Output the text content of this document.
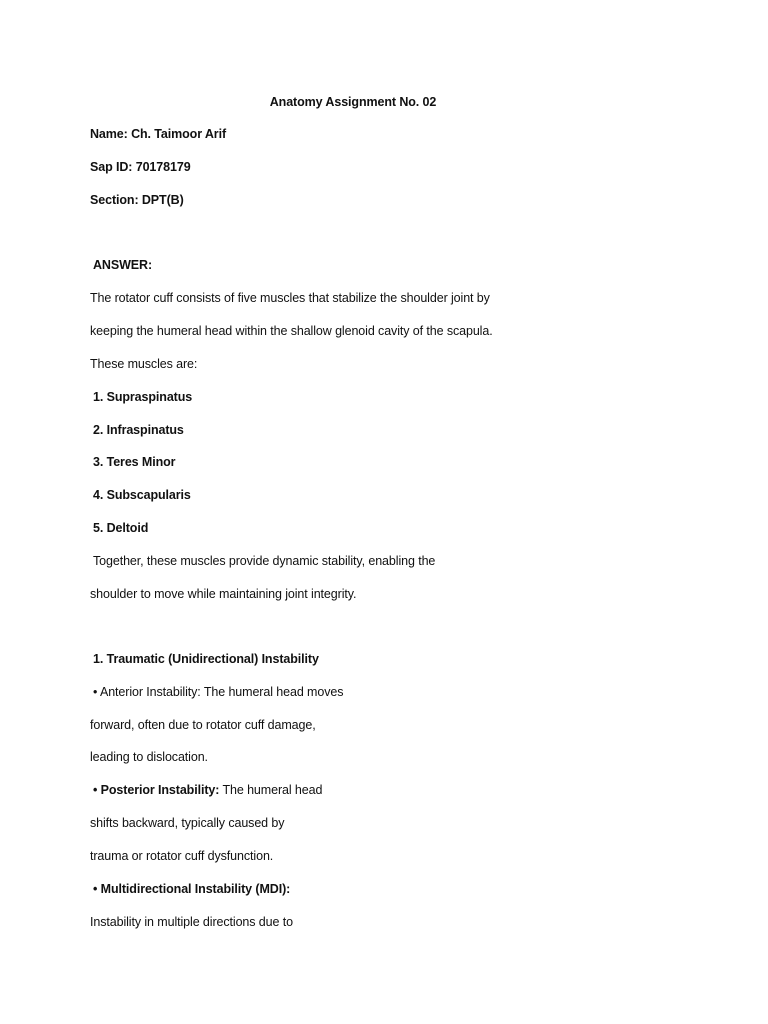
Anatomy Assignment No. 02
Name: Ch. Taimoor Arif
Sap ID: 70178179
Section: DPT(B)
ANSWER:
The rotator cuff consists of five muscles that stabilize the shoulder joint by
keeping the humeral head within the shallow glenoid cavity of the scapula.
These muscles are:
1. Supraspinatus
2. Infraspinatus
3. Teres Minor
4. Subscapularis
5. Deltoid
Together, these muscles provide dynamic stability, enabling the
shoulder to move while maintaining joint integrity.
1. Traumatic (Unidirectional) Instability
• Anterior Instability: The humeral head moves
forward, often due to rotator cuff damage,
leading to dislocation.
• Posterior Instability: The humeral head
shifts backward, typically caused by
trauma or rotator cuff dysfunction.
• Multidirectional Instability (MDI):
Instability in multiple directions due to
